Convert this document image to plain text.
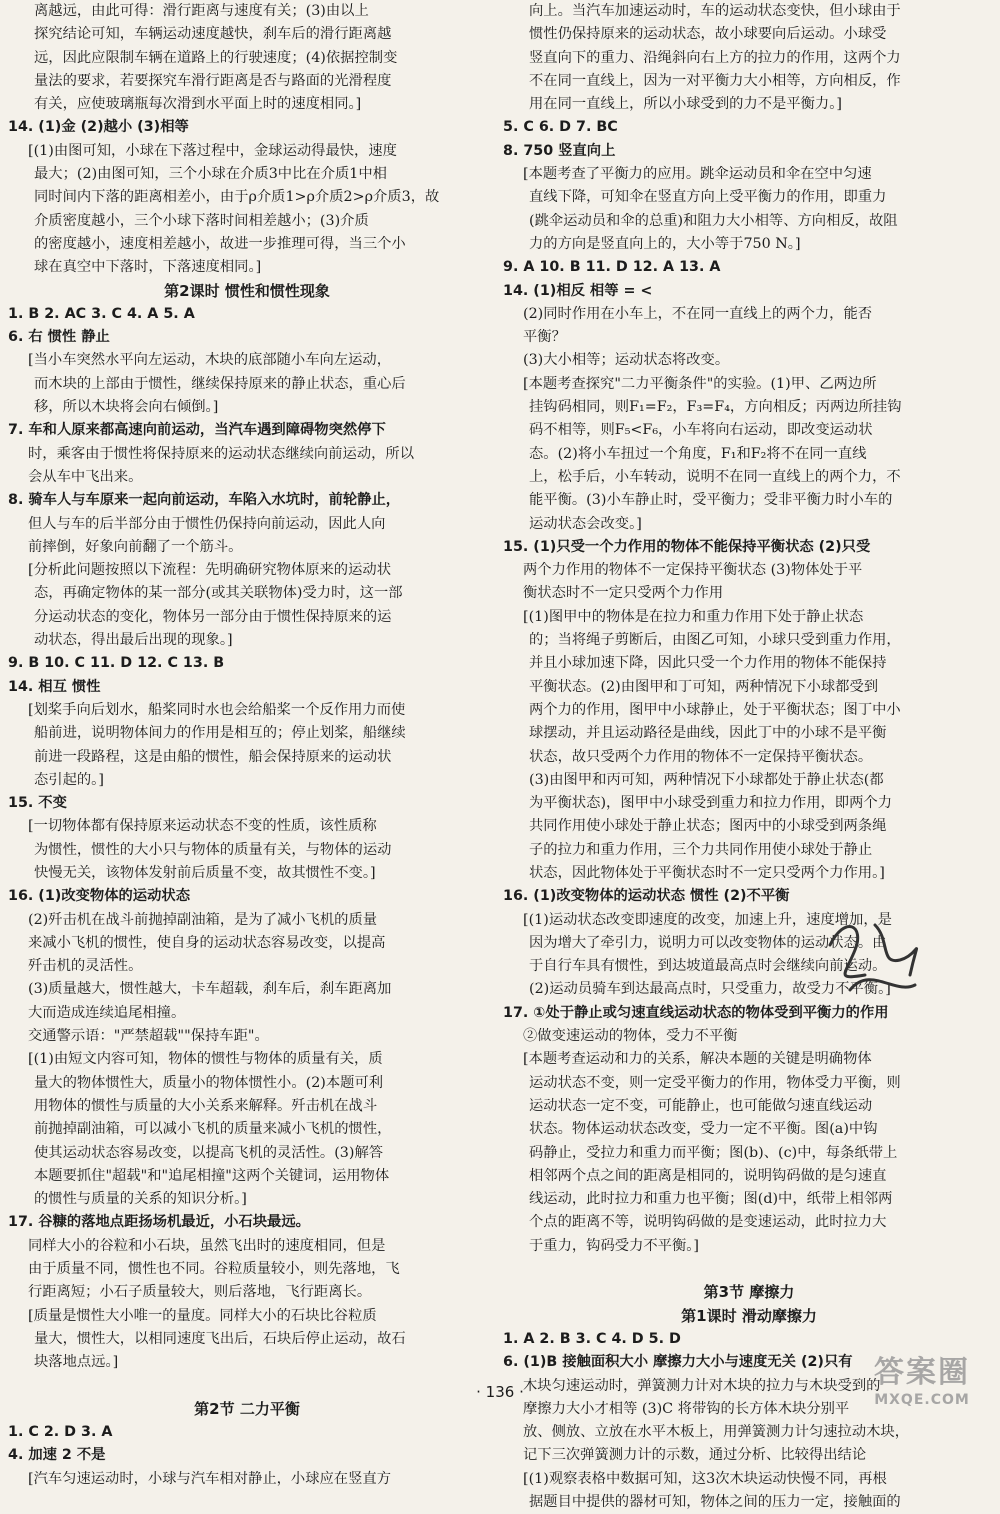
离越远，由此可得：滑行距离与速度有关；(3)由以上
探究结论可知，车辆运动速度越快，刹车后的滑行距离越
远，因此应限制车辆在道路上的行驶速度；(4)依据控制变
量法的要求，若要探究车滑行距离是否与路面的光滑程度
有关，应使玻璃瓶每次滑到水平面上时的速度相同。]
14. (1)金 (2)越小 (3)相等
[(1)由图可知，小球在下落过程中，金球运动得最快，速度
最大；(2)由图可知，三个小球在介质3中比在介质1中相
同时间内下落的距离相差小，由于ρ介质1>ρ介质2>ρ介质3，故
介质密度越小，三个小球下落时间相差越小；(3)介质
的密度越小，速度相差越小，故进一步推理可得，当三个小
球在真空中下落时，下落速度相同。]
第2课时 惯性和惯性现象
1. B 2. AC 3. C 4. A 5. A
6. 右 惯性 静止
[当小车突然水平向左运动，木块的底部随小车向左运动，
而木块的上部由于惯性，继续保持原来的静止状态，重心后
移，所以木块将会向右倾倒。]
7. 车和人原来都高速向前运动，当汽车遇到障碍物突然停下
时，乘客由于惯性将保持原来的运动状态继续向前运动，所以
会从车中飞出来。
8. 骑车人与车原来一起向前运动，车陷入水坑时，前轮静止，
但人与车的后半部分由于惯性仍保持向前运动，因此人向
前摔倒，好象向前翻了一个筋斗。
[分析此问题按照以下流程：先明确研究物体原来的运动状
态，再确定物体的某一部分(或其关联物体)受力时，这一部
分运动状态的变化，物体另一部分由于惯性保持原来的运
动状态，得出最后出现的现象。]
9. B 10. C 11. D 12. C 13. B
14. 相互 惯性
[划桨手向后划水，船桨同时水也会给船桨一个反作用力而使
船前进，说明物体间力的作用是相互的；停止划桨，船继续
前进一段路程，这是由船的惯性，船会保持原来的运动状
态引起的。]
15. 不变
[一切物体都有保持原来运动状态不变的性质，该性质称
为惯性，惯性的大小只与物体的质量有关，与物体的运动
快慢无关，该物体发射前后质量不变，故其惯性不变。]
16. (1)改变物体的运动状态
(2)歼击机在战斗前抛掉副油箱，是为了减小飞机的质量
来减小飞机的惯性，使自身的运动状态容易改变，以提高
歼击机的灵活性。
(3)质量越大，惯性越大，卡车超载，刹车后，刹车距离加
大而造成连续追尾相撞。
交通警示语："严禁超载""保持车距"。
[(1)由短文内容可知，物体的惯性与物体的质量有关，质
量大的物体惯性大，质量小的物体惯性小。(2)本题可利
用物体的惯性与质量的大小关系来解释。歼击机在战斗
前抛掉副油箱，可以减小飞机的质量来减小飞机的惯性，
使其运动状态容易改变，以提高飞机的灵活性。(3)解答
本题要抓住"超载"和"追尾相撞"这两个关键词，运用物体
的惯性与质量的关系的知识分析。]
17. 谷糠的落地点距扬场机最近，小石块最远。
同样大小的谷粒和小石块，虽然飞出时的速度相同，但是
由于质量不同，惯性也不同。谷粒质量较小，则先落地，飞
行距离短；小石子质量较大，则后落地，飞行距离长。
[质量是惯性大小唯一的量度。同样大小的石块比谷粒质
量大，惯性大，以相同速度飞出后，石块后停止运动，故石
块落地点远。]
第2节 二力平衡
1. C 2. D 3. A
4. 加速 2 不是
[汽车匀速运动时，小球与汽车相对静止，小球应在竖直方
向上。当汽车加速运动时，车的运动状态变快，但小球由于
惯性仍保持原来的运动状态，故小球要向后运动。小球受
竖直向下的重力、沿绳斜向右上方的拉力的作用，这两个力
不在同一直线上，因为一对平衡力大小相等，方向相反，作
用在同一直线上，所以小球受到的力不是平衡力。]
5. C 6. D 7. BC
8. 750 竖直向上
[本题考查了平衡力的应用。跳伞运动员和伞在空中匀速
直线下降，可知伞在竖直方向上受平衡力的作用，即重力
(跳伞运动员和伞的总重)和阻力大小相等、方向相反，故阻
力的方向是竖直向上的，大小等于750 N。]
9. A 10. B 11. D 12. A 13. A
14. (1)相反 相等 = <
(2)同时作用在小车上，不在同一直线上的两个力，能否
平衡？
(3)大小相等；运动状态将改变。
[本题考查探究"二力平衡条件"的实验。(1)甲、乙两边所
挂钩码相同，则F₁=F₂，F₃=F₄，方向相反；丙两边所挂钩
码不相等，则F₅<F₆，小车将向右运动，即改变运动状
态。(2)将小车扭过一个角度，F₁和F₂将不在同一直线
上，松手后，小车转动，说明不在同一直线上的两个力，不
能平衡。(3)小车静止时，受平衡力；受非平衡力时小车的
运动状态会改变。]
15. (1)只受一个力作用的物体不能保持平衡状态 (2)只受
两个力作用的物体不一定保持平衡状态 (3)物体处于平
衡状态时不一定只受两个力作用
[(1)图甲中的物体是在拉力和重力作用下处于静止状态
的；当将绳子剪断后，由图乙可知，小球只受到重力作用，
并且小球加速下降，因此只受一个力作用的物体不能保持
平衡状态。(2)由图甲和丁可知，两种情况下小球都受到
两个力的作用，图甲中小球静止，处于平衡状态；图丁中小
球摆动，并且运动路径是曲线，因此丁中的小球不是平衡
状态，故只受两个力作用的物体不一定保持平衡状态。
(3)由图甲和丙可知，两种情况下小球都处于静止状态(都
为平衡状态)，图甲中小球受到重力和拉力作用，即两个力
共同作用使小球处于静止状态；图丙中的小球受到两条绳
子的拉力和重力作用，三个力共同作用使小球处于静止
状态，因此物体处于平衡状态时不一定只受两个力作用。]
16. (1)改变物体的运动状态 惯性 (2)不平衡
[(1)运动状态改变即速度的改变，加速上升，速度增加，是
因为增大了牵引力，说明力可以改变物体的运动状态。由
于自行车具有惯性，到达坡道最高点时会继续向前运动。
(2)运动员骑车到达最高点时，只受重力，故受力不平衡。]
17. ①处于静止或匀速直线运动状态的物体受到平衡力的作用
②做变速运动的物体，受力不平衡
[本题考查运动和力的关系，解决本题的关键是明确物体
运动状态不变，则一定受平衡力的作用，物体受力平衡，则
运动状态一定不变，可能静止，也可能做匀速直线运动
状态。物体运动状态改变，受力一定不平衡。图(a)中钩
码静止，受拉力和重力而平衡；图(b)、(c)中，每条纸带上
相邻两个点之间的距离是相同的，说明钩码做的是匀速直
线运动，此时拉力和重力也平衡；图(d)中，纸带上相邻两
个点的距离不等，说明钩码做的是变速运动，此时拉力大
于重力，钩码受力不平衡。]
第3节 摩擦力
第1课时 滑动摩擦力
1. A 2. B 3. C 4. D 5. D
6. (1)B 接触面积大小 摩擦力大小与速度无关 (2)只有
木块匀速运动时，弹簧测力计对木块的拉力与木块受到的
摩擦力大小才相等 (3)C 将带钩的长方体木块分别平
放、侧放、立放在水平木板上，用弹簧测力计匀速拉动木块，
记下三次弹簧测力计的示数，通过分析、比较得出结论
[(1)观察表格中数据可知，这3次木块运动快慢不同，再根
据题目中提供的器材可知，物体之间的压力一定，接触面的
· 136 ·
答案圈
MXQE.COM
